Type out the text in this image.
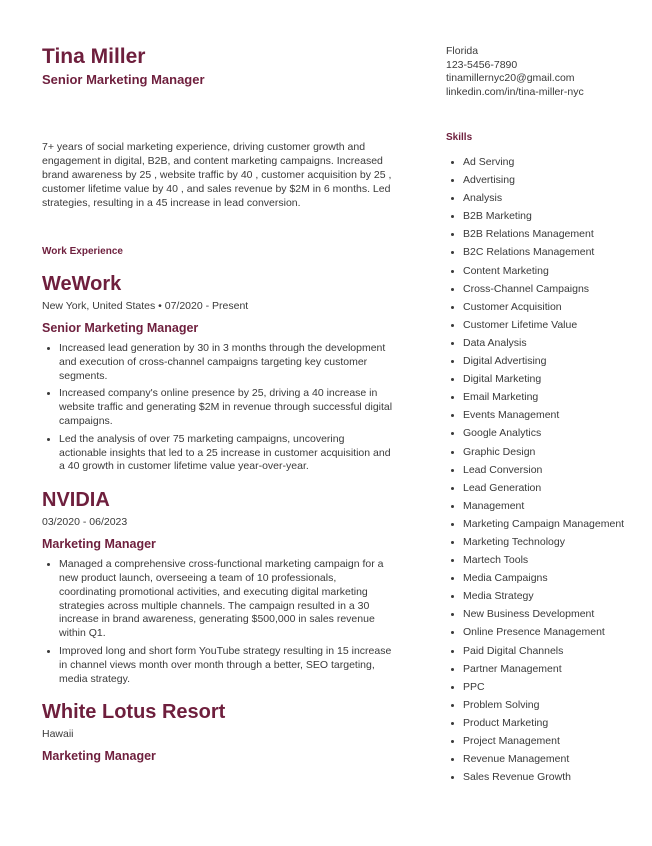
Tina Miller
Senior Marketing Manager
7+ years of social marketing experience, driving customer growth and engagement in digital, B2B, and content marketing campaigns. Increased brand awareness by 25 , website traffic by 40 , customer acquisition by 25 , customer lifetime value by 40 , and sales revenue by $2M in 6 months. Led strategies, resulting in a 45 increase in lead conversion.
Work Experience
WeWork
New York, United States • 07/2020 - Present
Senior Marketing Manager
• Increased lead generation by 30 in 3 months through the development and execution of cross-channel campaigns targeting key customer segments.
• Increased company's online presence by 25, driving a 40 increase in website traffic and generating $2M in revenue through successful digital campaigns.
• Led the analysis of over 75 marketing campaigns, uncovering actionable insights that led to a 25 increase in customer acquisition and a 40 growth in customer lifetime value year-over-year.
NVIDIA
03/2020 - 06/2023
Marketing Manager
• Managed a comprehensive cross-functional marketing campaign for a new product launch, overseeing a team of 10 professionals, coordinating promotional activities, and executing digital marketing strategies across multiple channels. The campaign resulted in a 30 increase in brand awareness, generating $500,000 in sales revenue within Q1.
• Improved long and short form YouTube strategy resulting in 15 increase in channel views month over month through a better, SEO targeting, media strategy.
White Lotus Resort
Hawaii
Marketing Manager
Florida
123-5456-7890
tinamillernyc20@gmail.com
linkedin.com/in/tina-miller-nyc
Skills
• Ad Serving
• Advertising
• Analysis
• B2B Marketing
• B2B Relations Management
• B2C Relations Management
• Content Marketing
• Cross-Channel Campaigns
• Customer Acquisition
• Customer Lifetime Value
• Data Analysis
• Digital Advertising
• Digital Marketing
• Email Marketing
• Events Management
• Google Analytics
• Graphic Design
• Lead Conversion
• Lead Generation
• Management
• Marketing Campaign Management
• Marketing Technology
• Martech Tools
• Media Campaigns
• Media Strategy
• New Business Development
• Online Presence Management
• Paid Digital Channels
• Partner Management
• PPC
• Problem Solving
• Product Marketing
• Project Management
• Revenue Management
• Sales Revenue Growth
